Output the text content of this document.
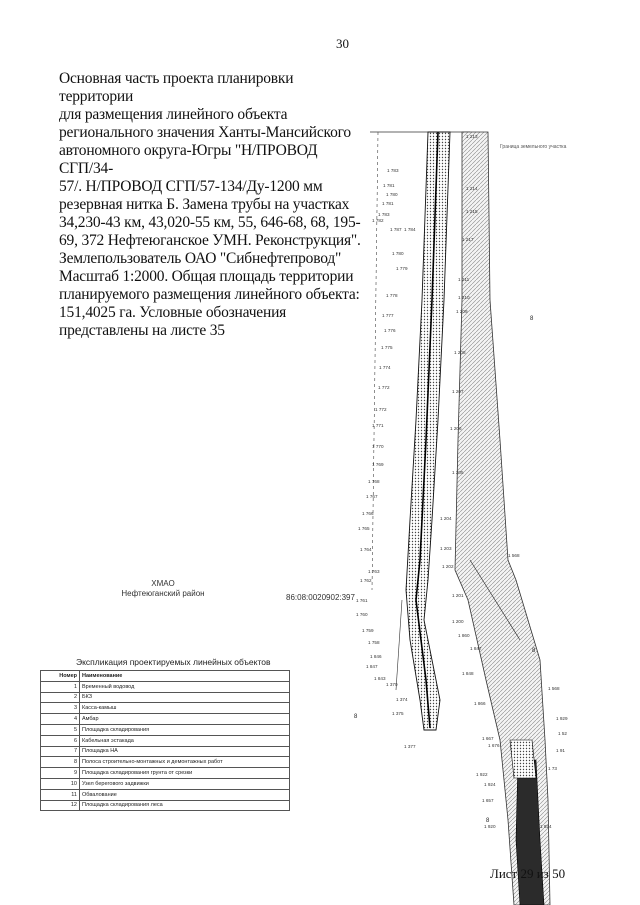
30
Основная часть проекта планировки территории
для размещения линейного объекта
регионального значения Ханты-Мансийского
автономного округа-Югры "Н/ПРОВОД СГП/34-
57/. Н/ПРОВОД СГП/57-134/Ду-1200 мм
резервная нитка Б. Замена трубы на участках
34,230-43 км, 43,020-55 км, 55, 646-68, 68, 195-
69, 372 Нефтеюганское УМН. Реконструкция".
Землепользователь ОАО "Сибнефтепровод"
Масштаб 1:2000. Общая площадь территории
планируемого размещения линейного объекта:
151,4025 га. Условные обозначения
представлены на листе 35
Граница земельного участка
1 783
1 781
1 780
1 781
1 783
1 782
1 787 1 784
1 780
1 779
1 778
1 777
1 776
1 775
1 774
1 772
1 772
1 771
1 770
1 769
1 768
1 767
1 766
1 765
1 764
1 763
1 762
1 761
1 760
1 759
1 758
1 846
1 847
1 843
1 370
1 374
1 375
1 213
1 214
1 215
1 217
1 211
1 210
1 209
1 208
1 207
1 206
1 205
1 204
1 203
1 202
1 201
1 200
1 860
1 847
1 848
1 866
1 667
1 676
1 922
1 924
1 657
1 920
1 568
1 568
1 929
1 52
1 91
1 73
1 924
1 377
8
8
8
8
ХМАО
Нефтеюганский район	86:08:0020902:397
Экспликация проектируемых линейных объектов
Номер	Наименование
1	Временный водовод
2	БКЗ
3	Касса-камыш
4	Амбар
5	Площадка складирования
6	Кабельная эстакада
7	Площадка НА
8	Полоса строительно-монтажных и демонтажных работ
9	Площадка складирования грунта от срезки
10	Узел берегового задвижки
11	Обвалование
12	Площадка складирования леса
Лист 29 из 50
